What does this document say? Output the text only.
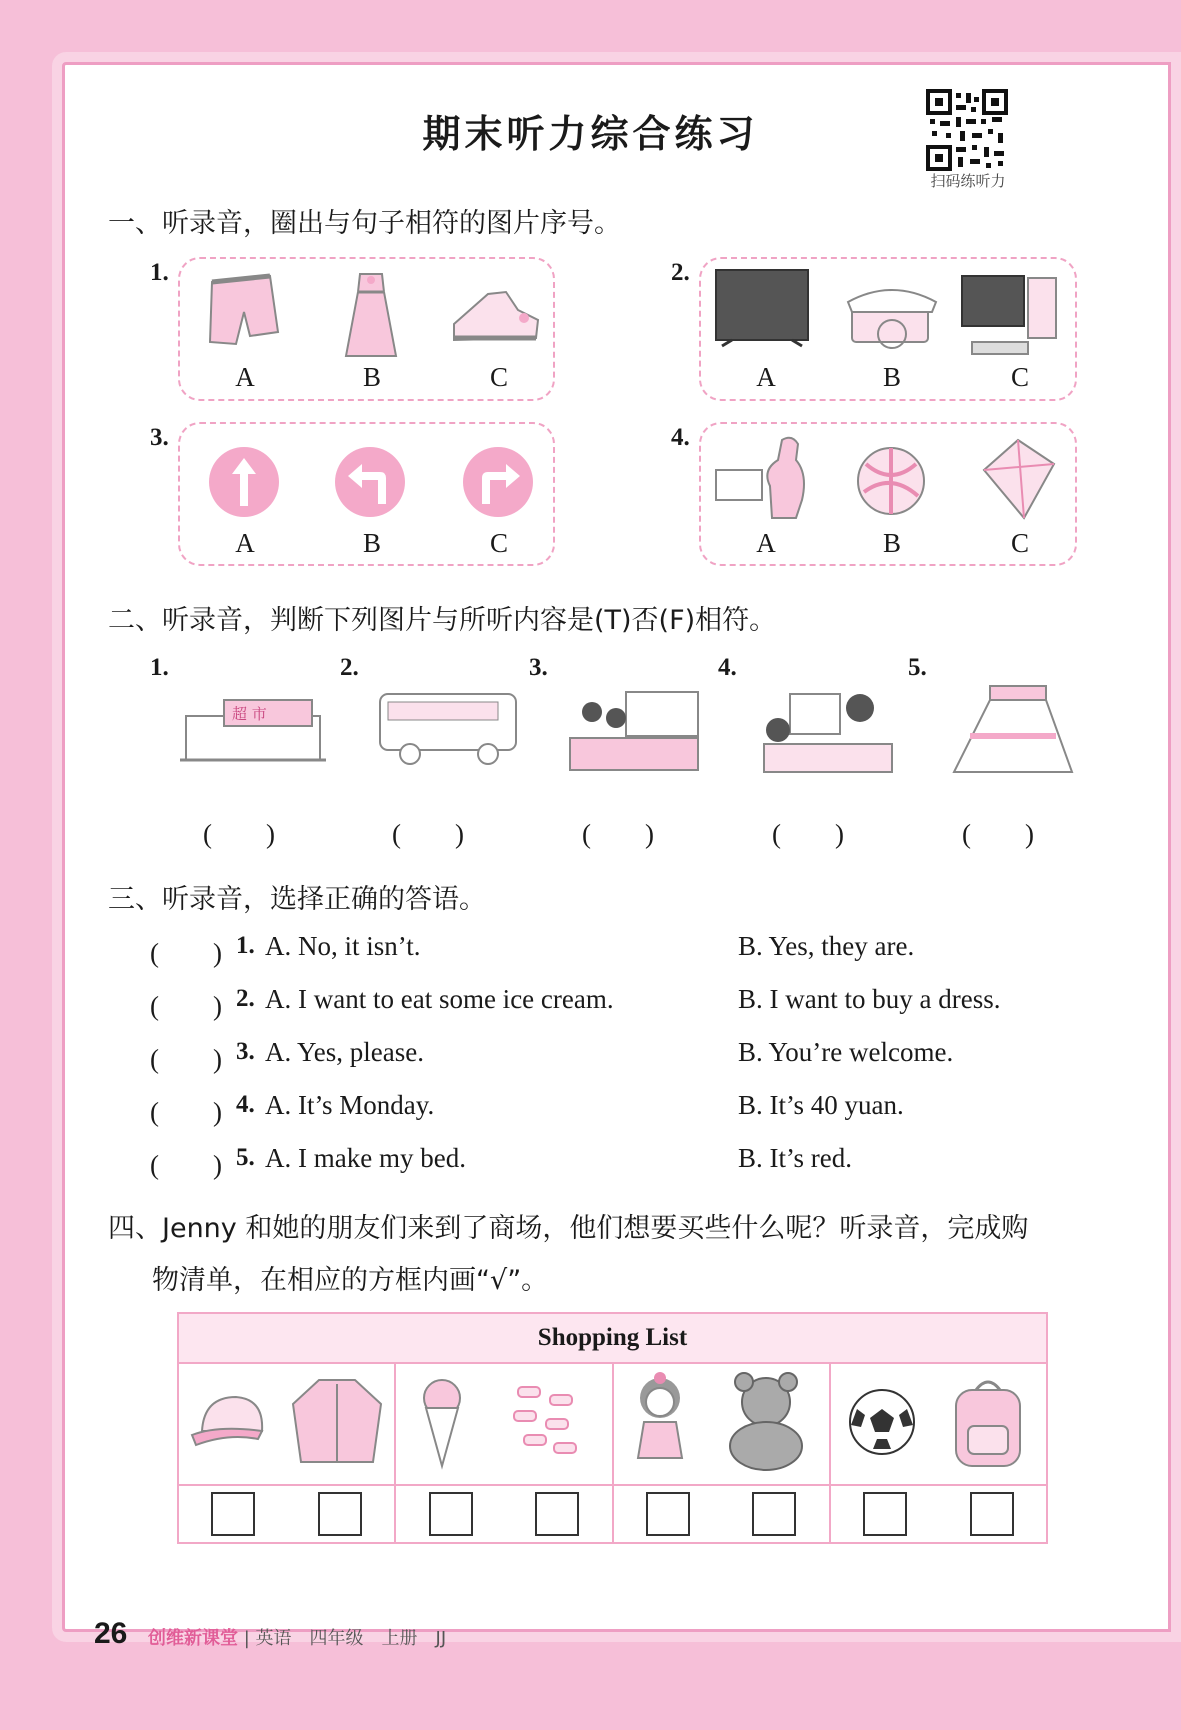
期末听力综合练习
扫码练听力
一、听录音，圈出与句子相符的图片序号。
1.
A	B	C
2.
A	B	C
3.
A	B	C
4.
A	B	C
二、听录音，判断下列图片与所听内容是(T)否(F)相符。
1.
超 市
(　　)
2.
(　　)
3.
(　　)
4.
(　　)
5.
(　　)
三、听录音，选择正确的答语。
(　　) 1. A. No, it isn’t.	B. Yes, they are.
(　　) 2. A. I want to eat some ice cream.	B. I want to buy a dress.
(　　) 3. A. Yes, please.	B. You’re welcome.
(　　) 4. A. It’s Monday.	B. It’s 40 yuan.
(　　) 5. A. I make my bed.	B. It’s red.
四、Jenny 和她的朋友们来到了商场，他们想要买些什么呢？听录音，完成购
物清单，在相应的方框内画“√”。
Shopping List			

26 创维新课堂 | 英语　四年级　上册　JJ
